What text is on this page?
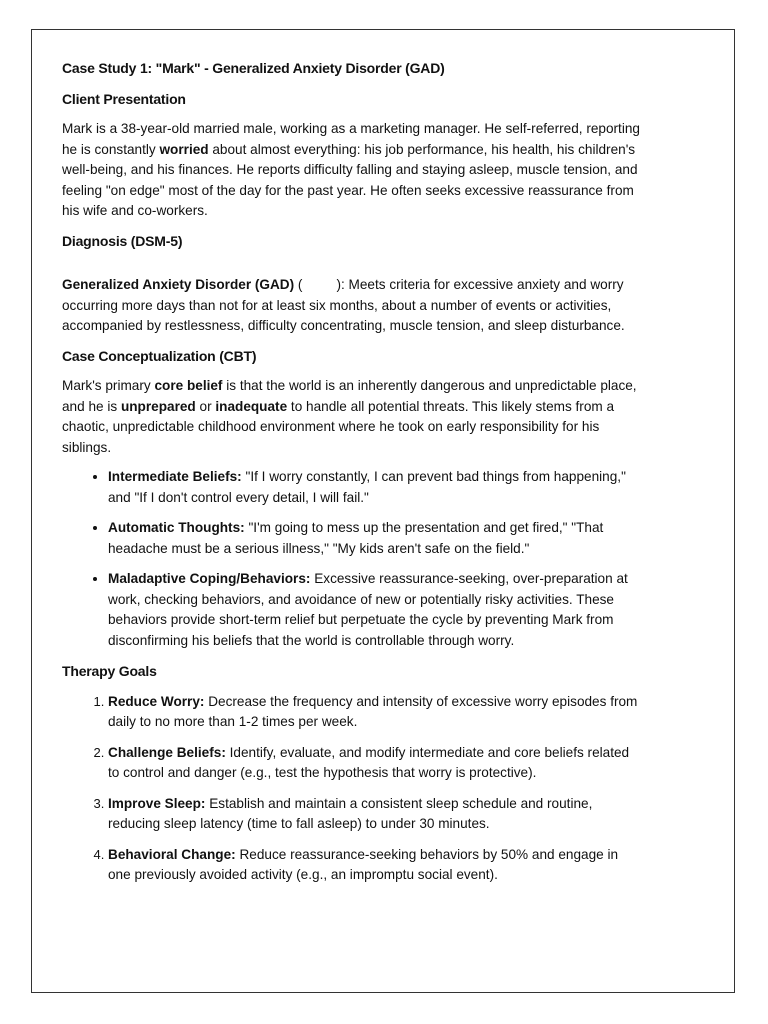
Case Study 1: "Mark" - Generalized Anxiety Disorder (GAD)
Client Presentation

Mark is a 38-year-old married male, working as a marketing manager. He self-referred, reporting he is constantly worried about almost everything: his job performance, his health, his children's well-being, and his finances. He reports difficulty falling and staying asleep, muscle tension, and feeling "on edge" most of the day for the past year. He often seeks excessive reassurance from his wife and co-workers.

Diagnosis (DSM-5)

Generalized Anxiety Disorder (GAD) (	): Meets criteria for excessive anxiety and worry occurring more days than not for at least six months, about a number of events or activities, accompanied by restlessness, difficulty concentrating, muscle tension, and sleep disturbance.

Case Conceptualization (CBT)

Mark's primary core belief is that the world is an inherently dangerous and unpredictable place, and he is unprepared or inadequate to handle all potential threats. This likely stems from a chaotic, unpredictable childhood environment where he took on early responsibility for his siblings.

• Intermediate Beliefs: "If I worry constantly, I can prevent bad things from happening," and "If I don't control every detail, I will fail."
• Automatic Thoughts: "I'm going to mess up the presentation and get fired," "That headache must be a serious illness," "My kids aren't safe on the field."
• Maladaptive Coping/Behaviors: Excessive reassurance-seeking, over-preparation at work, checking behaviors, and avoidance of new or potentially risky activities. These behaviors provide short-term relief but perpetuate the cycle by preventing Mark from disconfirming his beliefs that the world is controllable through worry.
Therapy Goals
1. Reduce Worry: Decrease the frequency and intensity of excessive worry episodes from daily to no more than 1-2 times per week.
2. Challenge Beliefs: Identify, evaluate, and modify intermediate and core beliefs related to control and danger (e.g., test the hypothesis that worry is protective).
3. Improve Sleep: Establish and maintain a consistent sleep schedule and routine, reducing sleep latency (time to fall asleep) to under 30 minutes.
4. Behavioral Change: Reduce reassurance-seeking behaviors by 50% and engage in one previously avoided activity (e.g., an impromptu social event).
